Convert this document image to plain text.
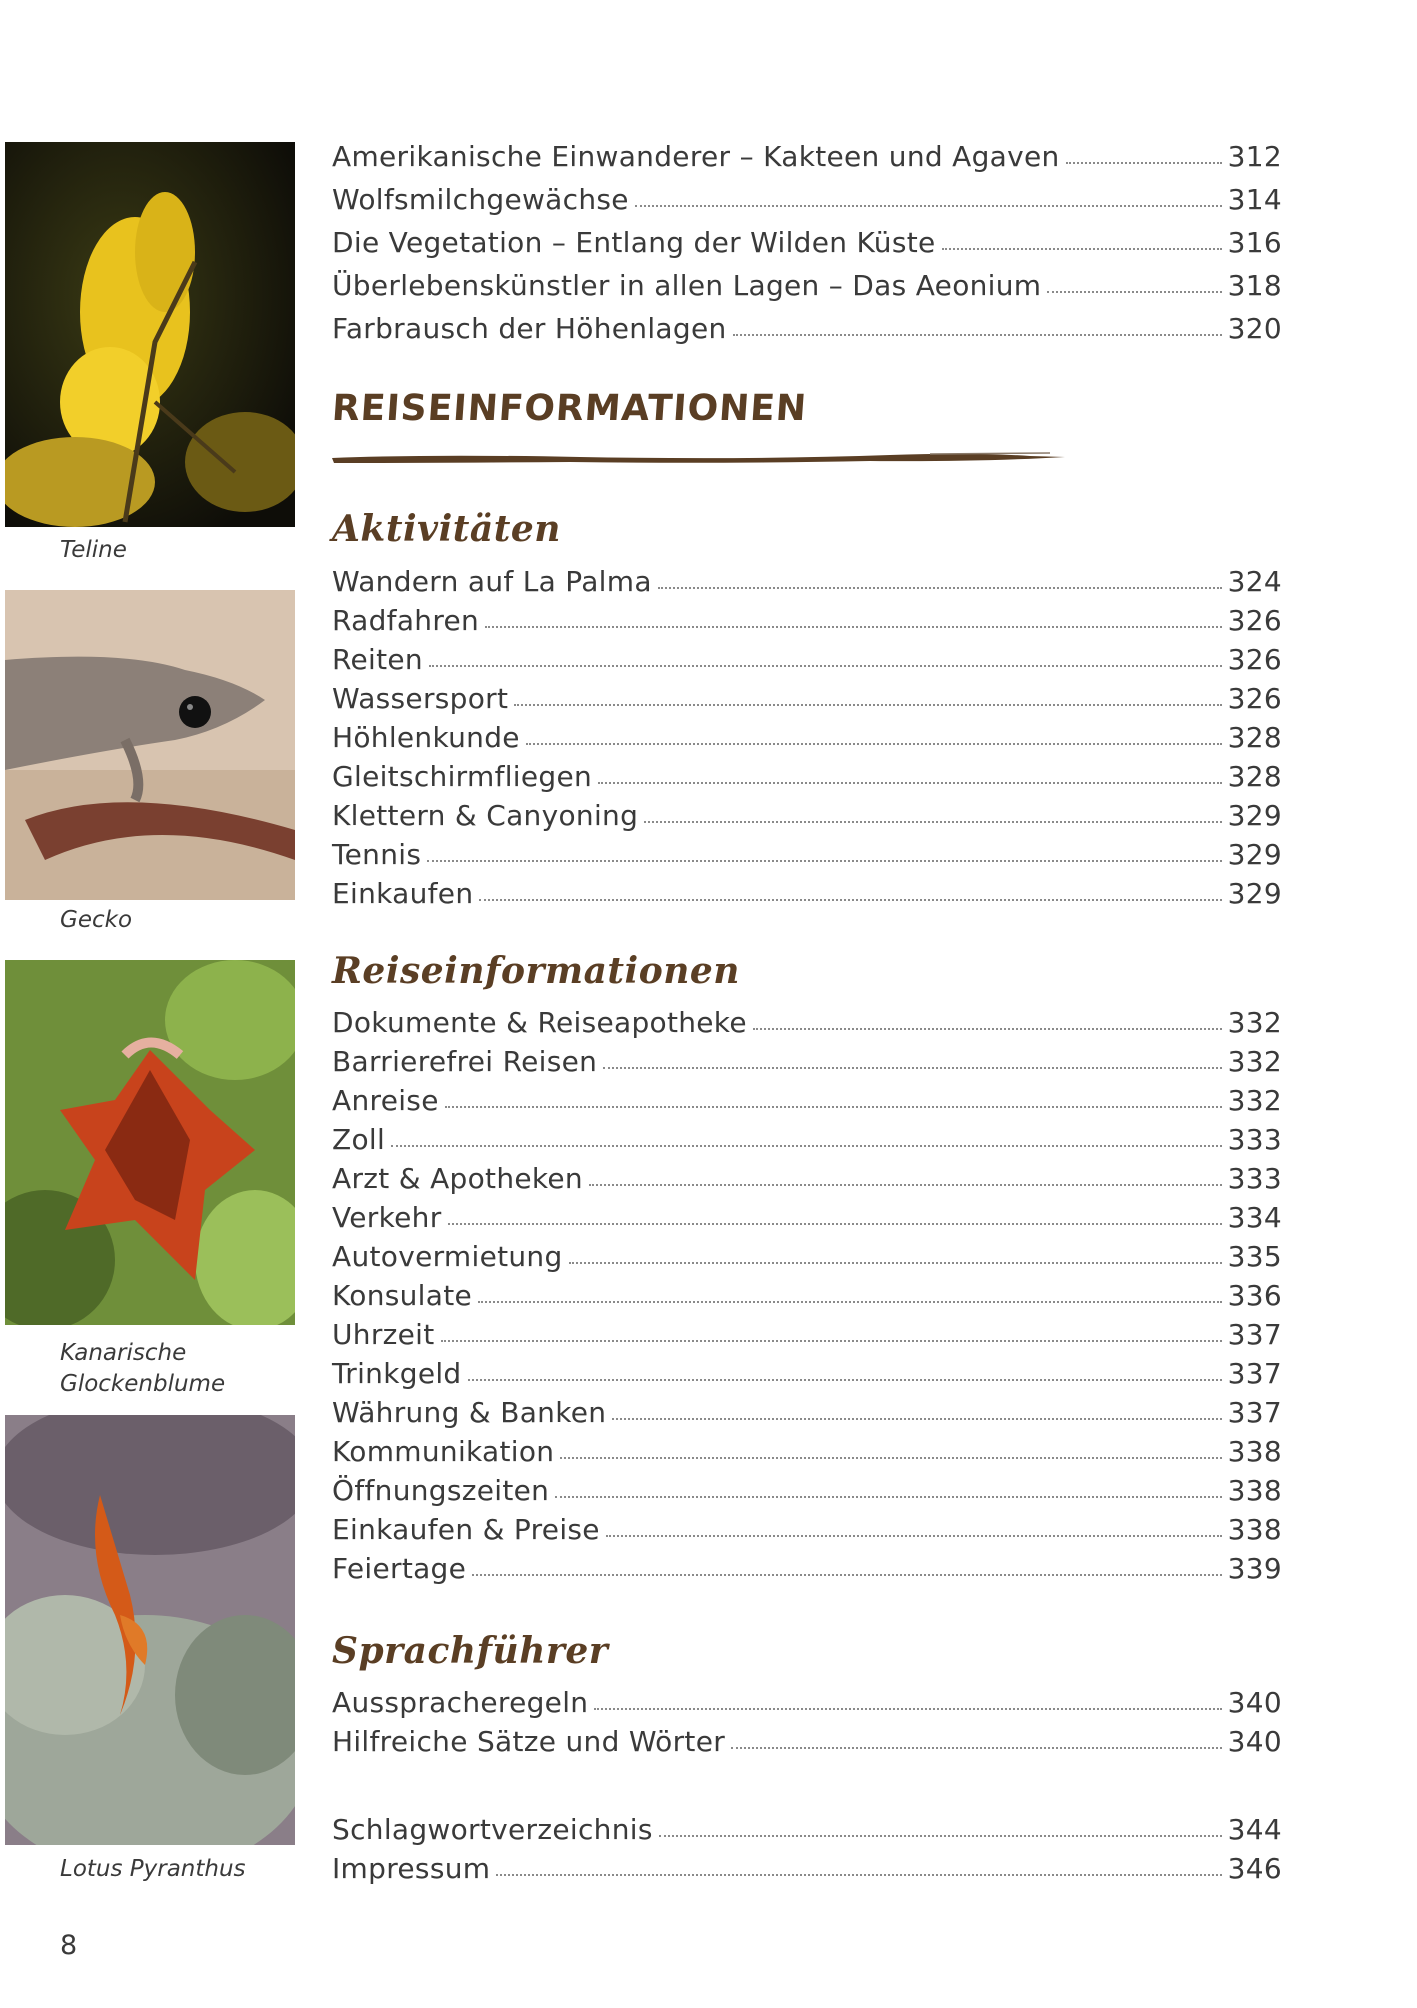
Teline
Gecko
Kanarische
Glockenblume
Lotus Pyranthus
Amerikanische Einwanderer – Kakteen und Agaven	312
Wolfsmilchgewächse	314
Die Vegetation – Entlang der Wilden Küste	316
Überlebenskünstler in allen Lagen – Das Aeonium	318
Farbrausch der Höhenlagen	320
REISEINFORMATIONEN
Aktivitäten
Wandern auf La Palma	324
Radfahren	326
Reiten	326
Wassersport	326
Höhlenkunde	328
Gleitschirmfliegen	328
Klettern & Canyoning	329
Tennis	329
Einkaufen	329
Reiseinformationen
Dokumente & Reiseapotheke	332
Barrierefrei Reisen	332
Anreise	332
Zoll	333
Arzt & Apotheken	333
Verkehr	334
Autovermietung	335
Konsulate	336
Uhrzeit	337
Trinkgeld	337
Währung & Banken	337
Kommunikation	338
Öffnungszeiten	338
Einkaufen & Preise	338
Feiertage	339
Sprachführer
Ausspracheregeln	340
Hilfreiche Sätze und Wörter	340
Schlagwortverzeichnis	344
Impressum	346
8
